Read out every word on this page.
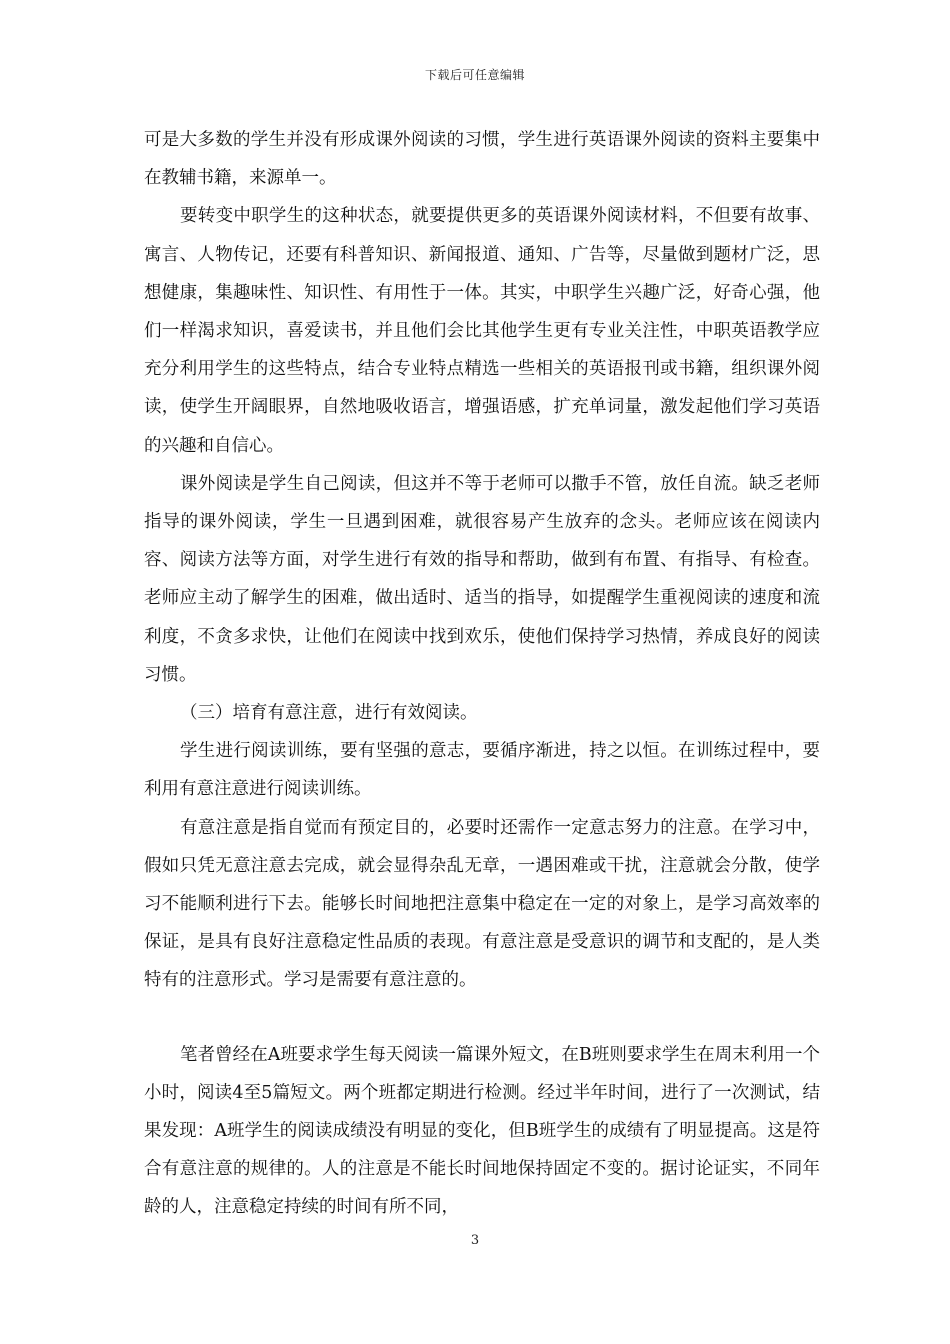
下载后可任意编辑

可是大多数的学生并没有形成课外阅读的习惯，学生进行英语课外阅读的资料主要集中在教辅书籍，来源单一。

要转变中职学生的这种状态，就要提供更多的英语课外阅读材料，不但要有故事、寓言、人物传记，还要有科普知识、新闻报道、通知、广告等，尽量做到题材广泛，思想健康，集趣味性、知识性、有用性于一体。其实，中职学生兴趣广泛，好奇心强，他们一样渴求知识，喜爱读书，并且他们会比其他学生更有专业关注性，中职英语教学应充分利用学生的这些特点，结合专业特点精选一些相关的英语报刊或书籍，组织课外阅读，使学生开阔眼界，自然地吸收语言，增强语感，扩充单词量，激发起他们学习英语的兴趣和自信心。

课外阅读是学生自己阅读，但这并不等于老师可以撒手不管，放任自流。缺乏老师指导的课外阅读，学生一旦遇到困难，就很容易产生放弃的念头。老师应该在阅读内容、阅读方法等方面，对学生进行有效的指导和帮助，做到有布置、有指导、有检查。老师应主动了解学生的困难，做出适时、适当的指导，如提醒学生重视阅读的速度和流利度，不贪多求快，让他们在阅读中找到欢乐，使他们保持学习热情，养成良好的阅读习惯。

（三）培育有意注意，进行有效阅读。

学生进行阅读训练，要有坚强的意志，要循序渐进，持之以恒。在训练过程中，要利用有意注意进行阅读训练。

有意注意是指自觉而有预定目的，必要时还需作一定意志努力的注意。在学习中，假如只凭无意注意去完成，就会显得杂乱无章，一遇困难或干扰，注意就会分散，使学习不能顺利进行下去。能够长时间地把注意集中稳定在一定的对象上，是学习高效率的保证，是具有良好注意稳定性品质的表现。有意注意是受意识的调节和支配的，是人类特有的注意形式。学习是需要有意注意的。

笔者曾经在A班要求学生每天阅读一篇课外短文，在B班则要求学生在周末利用一个小时，阅读4至5篇短文。两个班都定期进行检测。经过半年时间，进行了一次测试，结果发现：A班学生的阅读成绩没有明显的变化，但B班学生的成绩有了明显提高。这是符合有意注意的规律的。人的注意是不能长时间地保持固定不变的。据讨论证实，不同年龄的人，注意稳定持续的时间有所不同，

3
